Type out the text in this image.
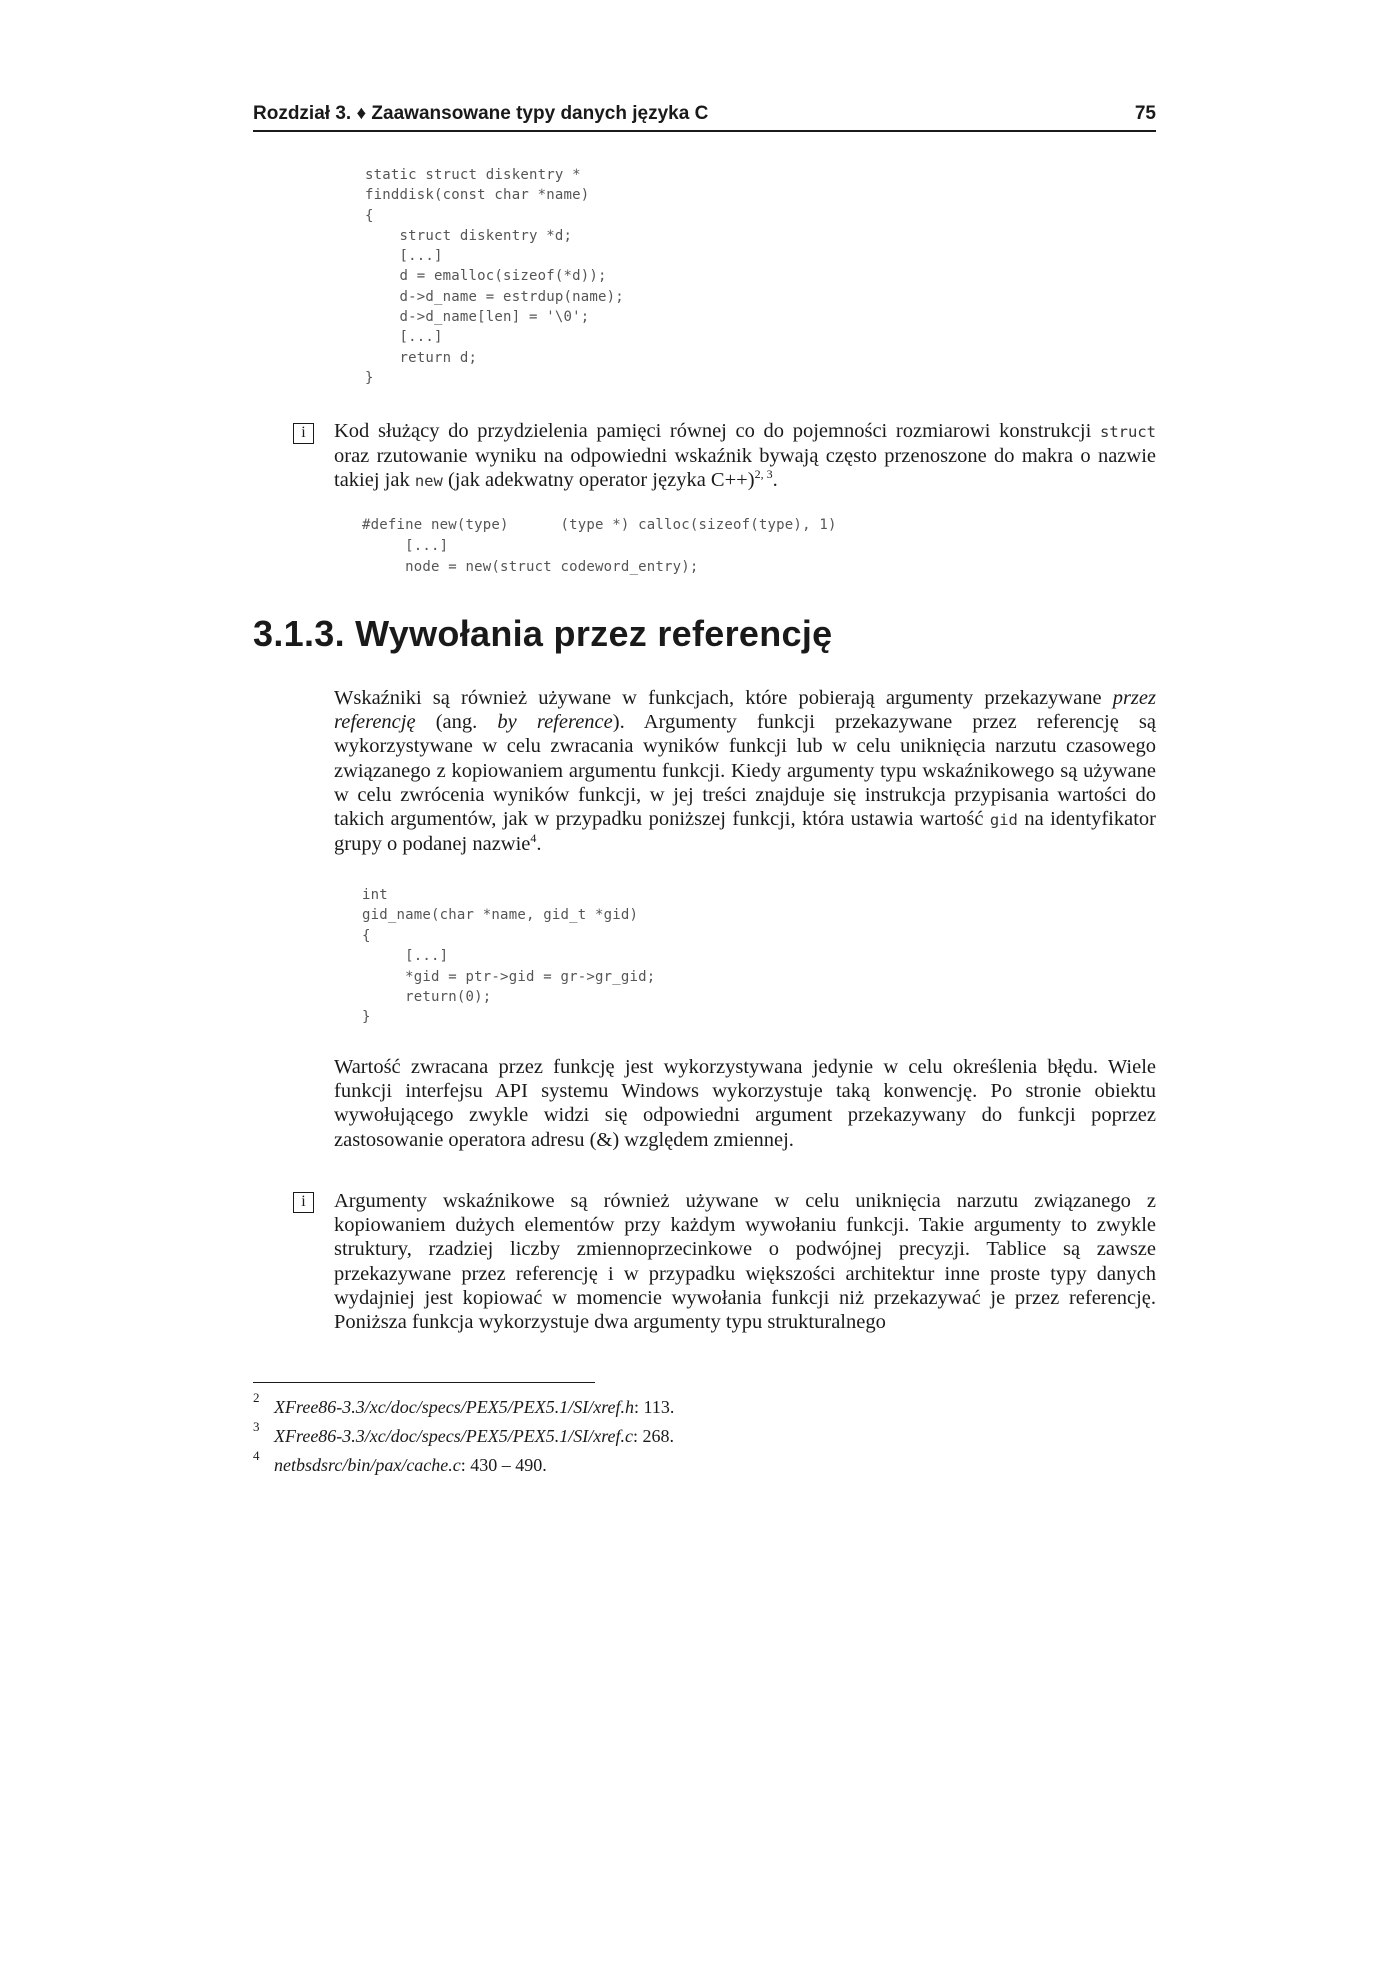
Rozdział 3. ♦ Zaawansowane typy danych języka C	75
static struct diskentry *
finddisk(const char *name)
{
struct diskentry *d;
[...]
d = emalloc(sizeof(*d));
d->d_name = estrdup(name);
d->d_name[len] = '\0';
[...]
return d;
}
i	Kod służący do przydzielenia pamięci równej co do pojemności rozmiarowi konstrukcji struct oraz rzutowanie wyniku na odpowiedni wskaźnik bywają często przenoszone do makra o nazwie takiej jak new (jak adekwatny operator języka C++)$^{2, 3}$.

#define new(type)      (type *) calloc(sizeof(type), 1)
[...]
node = new(struct codeword_entry);
3.1.3. Wywołania przez referencję

Wskaźniki są również używane w funkcjach, które pobierają argumenty przekazywane przez referencję (ang. by reference). Argumenty funkcji przekazywane przez referencję są wykorzystywane w celu zwracania wyników funkcji lub w celu uniknięcia narzutu czasowego związanego z kopiowaniem argumentu funkcji. Kiedy argumenty typu wskaźnikowego są używane w celu zwrócenia wyników funkcji, w jej treści znajduje się instrukcja przypisania wartości do takich argumentów, jak w przypadku poniższej funkcji, która ustawia wartość gid na identyfikator grupy o podanej nazwie$^4$.

int
gid_name(char *name, gid_t *gid)
{
[...]
*gid = ptr->gid = gr->gr_gid;
return(0);
}

Wartość zwracana przez funkcję jest wykorzystywana jedynie w celu określenia błędu. Wiele funkcji interfejsu API systemu Windows wykorzystuje taką konwencję. Po stronie obiektu wywołującego zwykle widzi się odpowiedni argument przekazywany do funkcji poprzez zastosowanie operatora adresu (&) względem zmiennej.

i	Argumenty wskaźnikowe są również używane w celu uniknięcia narzutu związanego z kopiowaniem dużych elementów przy każdym wywołaniu funkcji. Takie argumenty to zwykle struktury, rzadziej liczby zmiennoprzecinkowe o podwójnej precyzji. Tablice są zawsze przekazywane przez referencję i w przypadku większości architektur inne proste typy danych wydajniej jest kopiować w momencie wywołania funkcji niż przekazywać je przez referencję. Poniższa funkcja wykorzystuje dwa argumenty typu strukturalnego

2 XFree86-3.3/xc/doc/specs/PEX5/PEX5.1/SI/xref.h: 113.
3 XFree86-3.3/xc/doc/specs/PEX5/PEX5.1/SI/xref.c: 268.
4 netbsdsrc/bin/pax/cache.c: 430 – 490.
